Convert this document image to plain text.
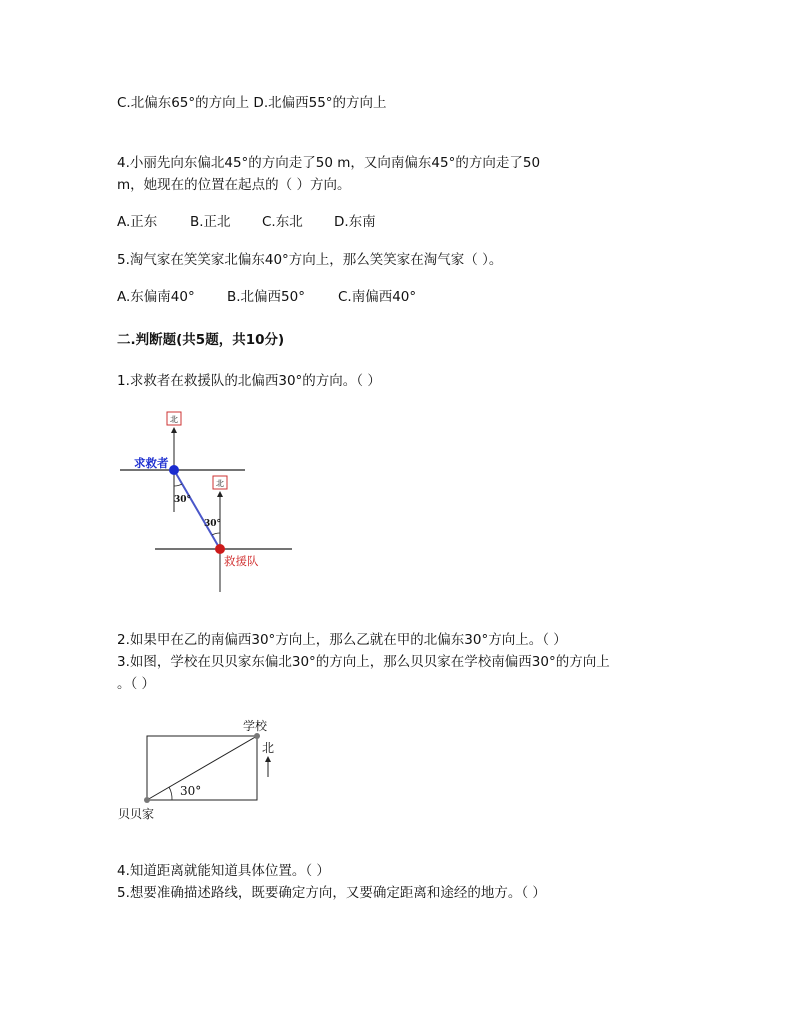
C.北偏东65°的方向上 D.北偏西55°的方向上
4.小丽先向东偏北45°的方向走了50 m，又向南偏东45°的方向走了50
m，她现在的位置在起点的（ ）方向。
A.正东 B.正北 C.东北 D.东南
5.淘气家在笑笑家北偏东40°方向上，那么笑笑家在淘气家（ ）。
A.东偏南40° B.北偏西50° C.南偏西40°
二.判断题(共5题，共10分)
1.求救者在救援队的北偏西30°的方向。（ ）
北
北
求救者
救援队
30°
30°
学校
北
30°
贝贝家
2.如果甲在乙的南偏西30°方向上，那么乙就在甲的北偏东30°方向上。（ ）
3.如图，学校在贝贝家东偏北30°的方向上，那么贝贝家在学校南偏西30°的方向上
。（ ）
4.知道距离就能知道具体位置。（ ）
5.想要准确描述路线，既要确定方向，又要确定距离和途经的地方。（ ）
